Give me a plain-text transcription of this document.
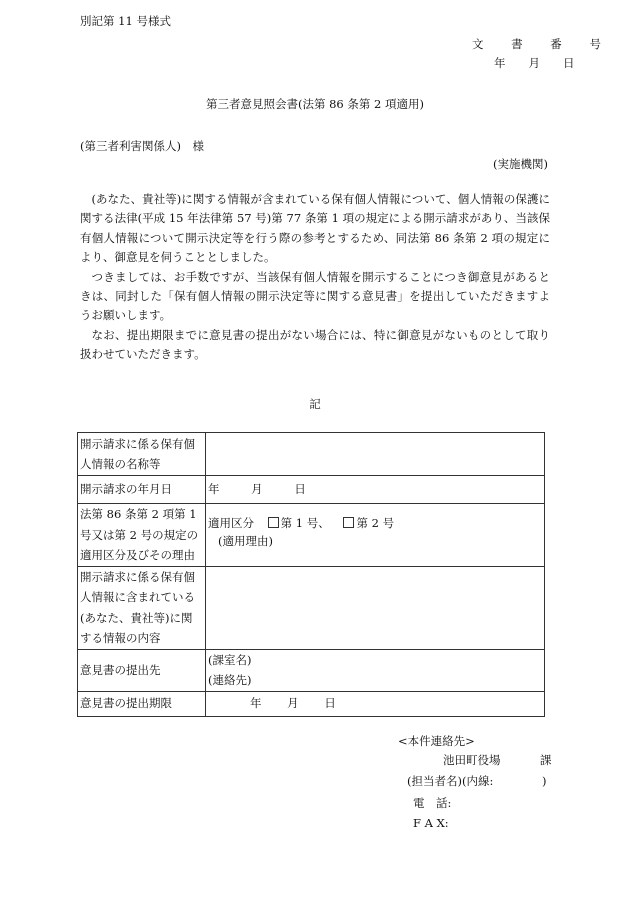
別記第 11 号様式
文 書 番 号
年　　 月　　 日
第三者意見照会書(法第 86 条第 2 項適用)
(第三者利害関係人)　様
(実施機関)

(あなた、貴社等)に関する情報が含まれている保有個人情報について、個人情報の保護に関する法律(平成 15 年法律第 57 号)第 77 条第 1 項の規定による開示請求があり、当該保有個人情報について開示決定等を行う際の参考とするため、同法第 86 条第 2 項の規定により、御意見を伺うこととしました。

つきましては、お手数ですが、当該保有個人情報を開示することにつき御意見があるときは、同封した「保有個人情報の開示決定等に関する意見書」を提出していただきますようお願いします。

なお、提出期限までに意見書の提出がない場合には、特に御意見がないものとして取り扱わせていただきます。

記
開示請求に係る保有個人情報の名称等	
開示請求の年月日	年 月 日
法第 86 条第 2 項第 1 号又は第 2 号の規定の適用区分及びその理由	適用区分 第 1 号、 第 2 号
(適用理由)

開示請求に係る保有個人情報に含まれている(あなた、貴社等)に関する情報の内容	
意見書の提出先	(課室名)
(連絡先)

意見書の提出期限	年 月 日
<本件連絡先>
池田町役場	課
(担当者名)(内線:	)
電　話:
F A X:
